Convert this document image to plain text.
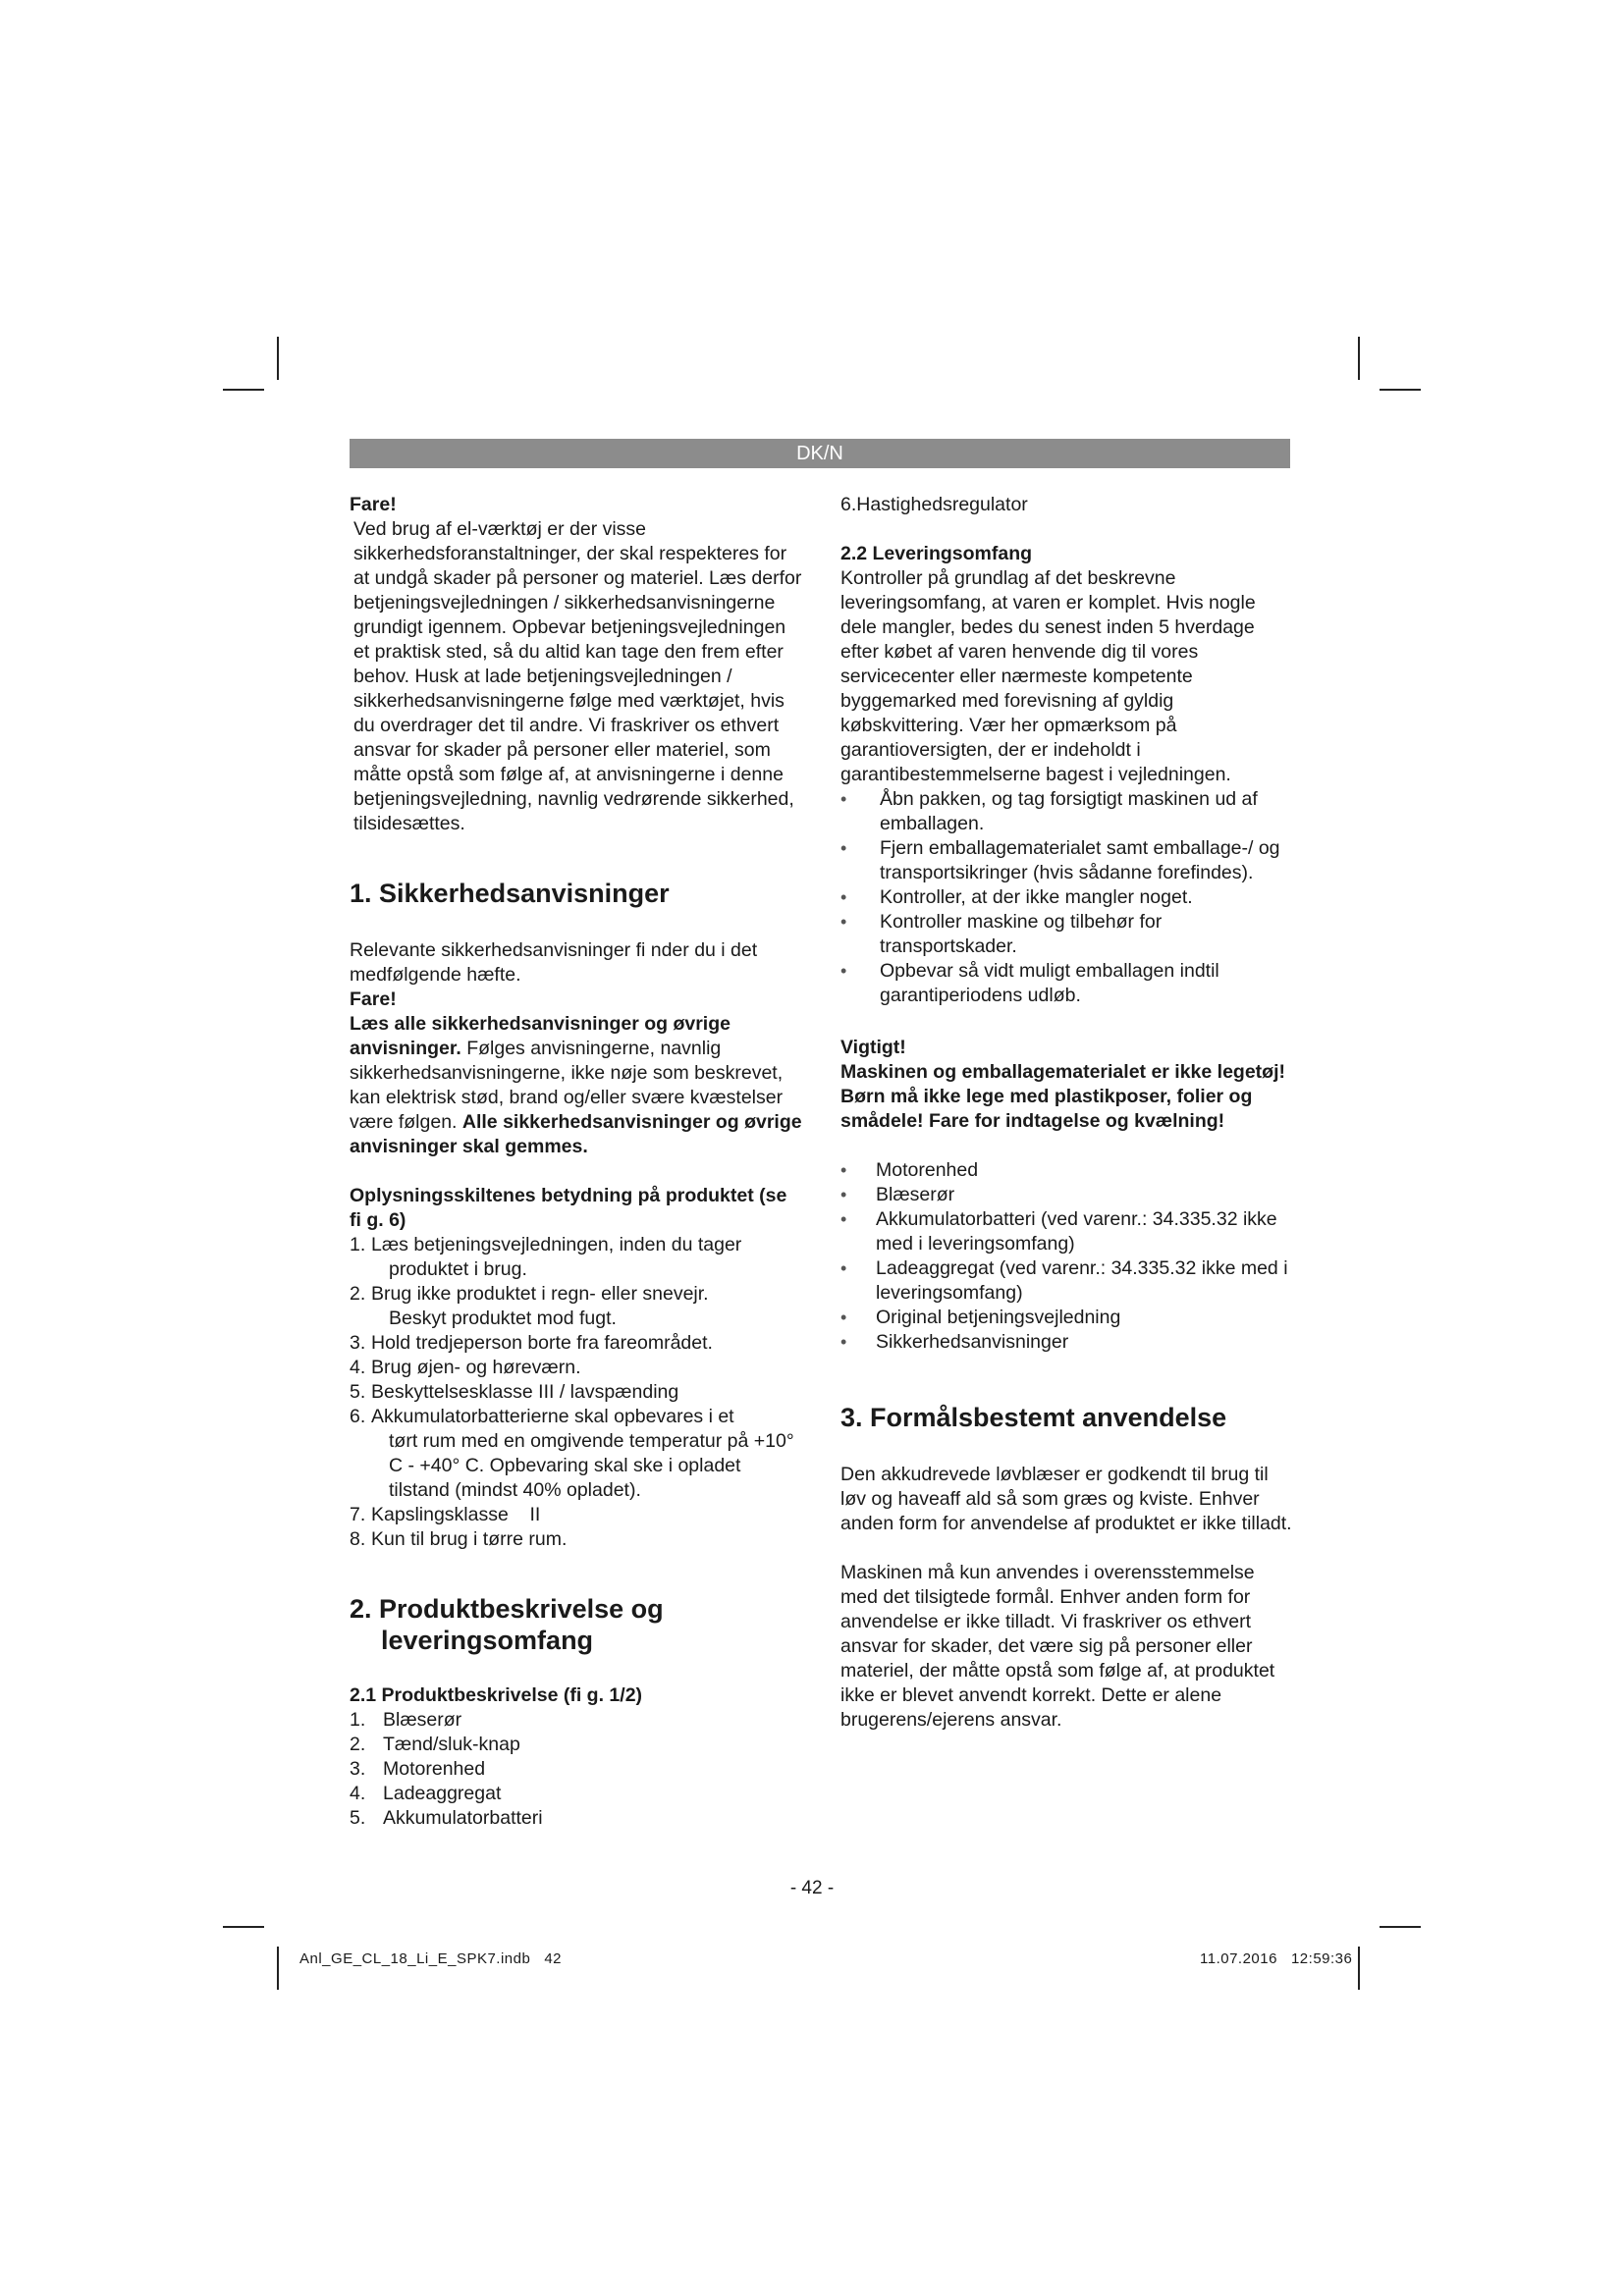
DK/N

Fare!

Ved brug af el-værktøj er der visse sikkerhedsforanstaltninger, der skal respekteres for at undgå skader på personer og materiel. Læs derfor betjeningsvejledningen / sikkerhedsanvisningerne grundigt igennem. Opbevar betjeningsvejledningen et praktisk sted, så du altid kan tage den frem efter behov. Husk at lade betjeningsvejledningen / sikkerhedsanvisningerne følge med værktøjet, hvis du overdrager det til andre. Vi fraskriver os ethvert ansvar for skader på personer eller materiel, som måtte opstå som følge af, at anvisningerne i denne betjeningsvejledning, navnlig vedrørende sikkerhed, tilsidesættes.

1. Sikkerhedsanvisninger

Relevante sikkerhedsanvisninger fi nder du i det medfølgende hæfte.

Fare!

Læs alle sikkerhedsanvisninger og øvrige anvisninger. Følges anvisningerne, navnlig sikkerhedsanvisningerne, ikke nøje som beskrevet, kan elektrisk stød, brand og/eller svære kvæstelser være følgen. Alle sikkerhedsanvisninger og øvrige anvisninger skal gemmes.

Oplysningsskiltenes betydning på produktet (se fi g. 6)

1. Læs betjeningsvejledningen, inden du tager
produktet i brug.
2. Brug ikke produktet i regn- eller snevejr.
Beskyt produktet mod fugt.
3. Hold tredjeperson borte fra fareområdet.
4. Brug øjen- og høreværn.
5. Beskyttelsesklasse III / lavspænding
6. Akkumulatorbatterierne skal opbevares i et
tørt rum med en omgivende temperatur på +10° C - +40° C. Opbevaring skal ske i opladet tilstand (mindst 40% opladet).
7. Kapslingsklasse    II
8. Kun til brug i tørre rum.
2. Produktbeskrivelse og
leveringsomfang

2.1 Produktbeskrivelse (fi g. 1/2)

1. Blæserør
2. Tænd/sluk-knap
3. Motorenhed
4. Ladeaggregat
5. Akkumulatorbatteri

6.Hastighedsregulator

2.2 Leveringsomfang

Kontroller på grundlag af det beskrevne leveringsomfang, at varen er komplet. Hvis nogle dele mangler, bedes du senest inden 5 hverdage efter købet af varen henvende dig til vores servicecenter eller nærmeste kompetente byggemarked med forevisning af gyldig købskvittering. Vær her opmærksom på garantioversigten, der er indeholdt i garantibestemmelserne bagest i vejledningen.

• Åbn pakken, og tag forsigtigt maskinen ud af emballagen.
• Fjern emballagematerialet samt emballage-/ og transportsikringer (hvis sådanne forefindes).
• Kontroller, at der ikke mangler noget.
• Kontroller maskine og tilbehør for transportskader.
• Opbevar så vidt muligt emballagen indtil garantiperiodens udløb.

Vigtigt!

Maskinen og emballagematerialet er ikke legetøj! Børn må ikke lege med plastikposer, folier og smådele! Fare for indtagelse og kvælning!

• Motorenhed
• Blæserør
• Akkumulatorbatteri (ved varenr.: 34.335.32 ikke med i leveringsomfang)
• Ladeaggregat (ved varenr.: 34.335.32 ikke med i leveringsomfang)
• Original betjeningsvejledning
• Sikkerhedsanvisninger
3. Formålsbestemt anvendelse

Den akkudrevede løvblæser er godkendt til brug til løv og haveaff ald så som græs og kviste. Enhver anden form for anvendelse af produktet er ikke tilladt.

Maskinen må kun anvendes i overensstemmelse med det tilsigtede formål. Enhver anden form for anvendelse er ikke tilladt. Vi fraskriver os ethvert ansvar for skader, det være sig på personer eller materiel, der måtte opstå som følge af, at produktet ikke er blevet anvendt korrekt. Dette er alene brugerens/ejerens ansvar.

- 42 -
Anl_GE_CL_18_Li_E_SPK7.indb   42	11.07.2016   12:59:36
